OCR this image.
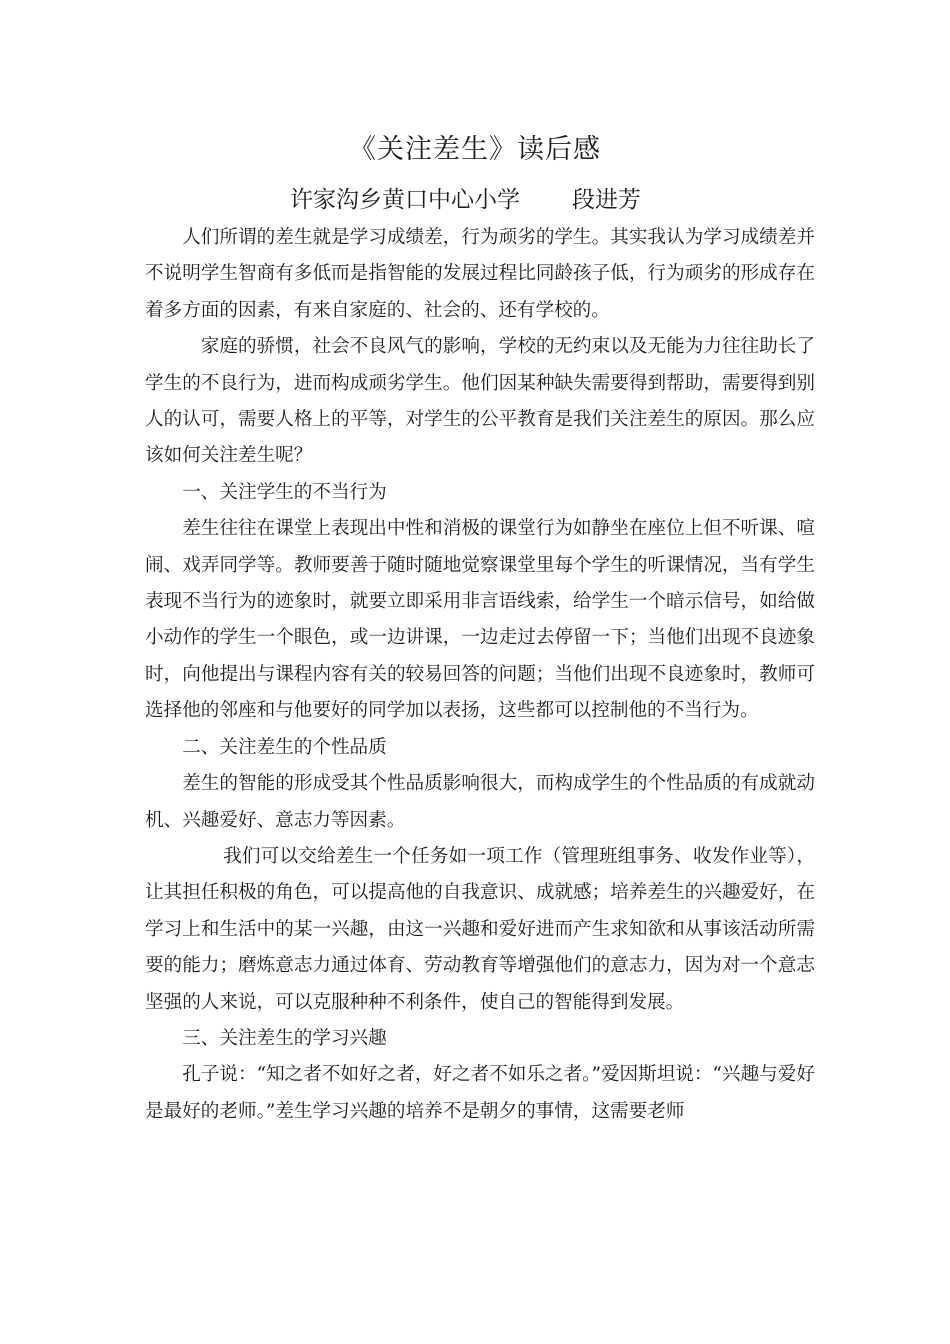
《关注差生》读后感
许家沟乡黄口中心小学 段进芳

人们所谓的差生就是学习成绩差，行为顽劣的学生。其实我认为学习成绩差并不说明学生智商有多低而是指智能的发展过程比同龄孩子低，行为顽劣的形成存在着多方面的因素，有来自家庭的、社会的、还有学校的。

家庭的骄惯，社会不良风气的影响，学校的无约束以及无能为力往往助长了学生的不良行为，进而构成顽劣学生。他们因某种缺失需要得到帮助，需要得到别人的认可，需要人格上的平等，对学生的公平教育是我们关注差生的原因。那么应该如何关注差生呢？

一、关注学生的不当行为

差生往往在课堂上表现出中性和消极的课堂行为如静坐在座位上但不听课、喧闹、戏弄同学等。教师要善于随时随地觉察课堂里每个学生的听课情况，当有学生表现不当行为的迹象时，就要立即采用非言语线索，给学生一个暗示信号，如给做小动作的学生一个眼色，或一边讲课，一边走过去停留一下；当他们出现不良迹象时，向他提出与课程内容有关的较易回答的问题；当他们出现不良迹象时，教师可选择他的邻座和与他要好的同学加以表扬，这些都可以控制他的不当行为。

二、关注差生的个性品质

差生的智能的形成受其个性品质影响很大，而构成学生的个性品质的有成就动机、兴趣爱好、意志力等因素。

我们可以交给差生一个任务如一项工作（管理班组事务、收发作业等），让其担任积极的角色，可以提高他的自我意识、成就感；培养差生的兴趣爱好，在学习上和生活中的某一兴趣，由这一兴趣和爱好进而产生求知欲和从事该活动所需要的能力；磨炼意志力通过体育、劳动教育等增强他们的意志力，因为对一个意志坚强的人来说，可以克服种种不利条件，使自己的智能得到发展。

三、关注差生的学习兴趣

孔子说：“知之者不如好之者，好之者不如乐之者。”爱因斯坦说：“兴趣与爱好是最好的老师。”差生学习兴趣的培养不是朝夕的事情，这需要老师
